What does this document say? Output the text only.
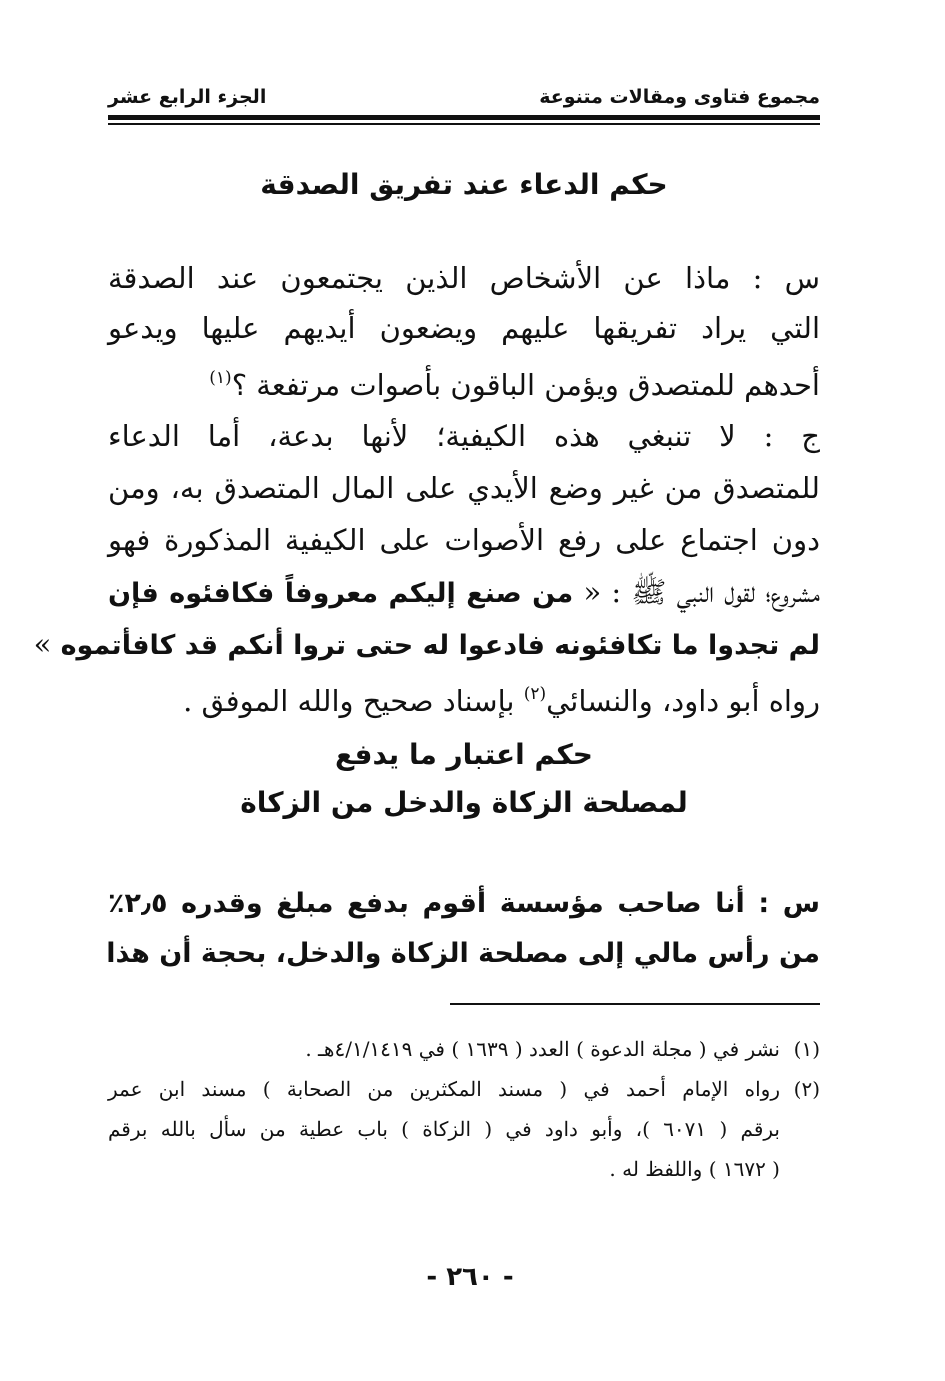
مجموع فتاوى ومقالات متنوعة
الجزء الرابع عشر
حكم الدعاء عند تفريق الصدقة
س : ماذا عن الأشخاص الذين يجتمعون عند الصدقة
التي يراد تفريقها عليهم ويضعون أيديهم عليها ويدعو
أحدهم للمتصدق ويؤمن الباقون بأصوات مرتفعة ؟$^{(١)}$
ج : لا تنبغي هذه الكيفية؛ لأنها بدعة، أما الدعاء
للمتصدق من غير وضع الأيدي على المال المتصدق به، ومن
دون اجتماع على رفع الأصوات على الكيفية المذكورة فهو
مشروع؛ لقول النبي ﷺ : « من صنع إليكم معروفاً فكافئوه فإن
لم تجدوا ما تكافئونه فادعوا له حتى تروا أنكم قد كافأتموه »
رواه أبو داود، والنسائي$^{(٢)}$ بإسناد صحيح والله الموفق .
حكم اعتبار ما يدفع
لمصلحة الزكاة والدخل من الزكاة
س : أنا صاحب مؤسسة أقوم بدفع مبلغ وقدره ٢٫٥٪
من رأس مالي إلى مصلحة الزكاة والدخل، بحجة أن هذا
(١)نشر في ( مجلة الدعوة ) العدد ( ١٦٣٩ ) في ٤/١/١٤١٩هـ .
(٢)رواه الإمام أحمد في ( مسند المكثرين من الصحابة ) مسند ابن عمر
برقم ( ٦٠٧١ )، وأبو داود في ( الزكاة ) باب عطية من سأل بالله برقم
( ١٦٧٢ ) واللفظ له .
- ٢٦٠ -
